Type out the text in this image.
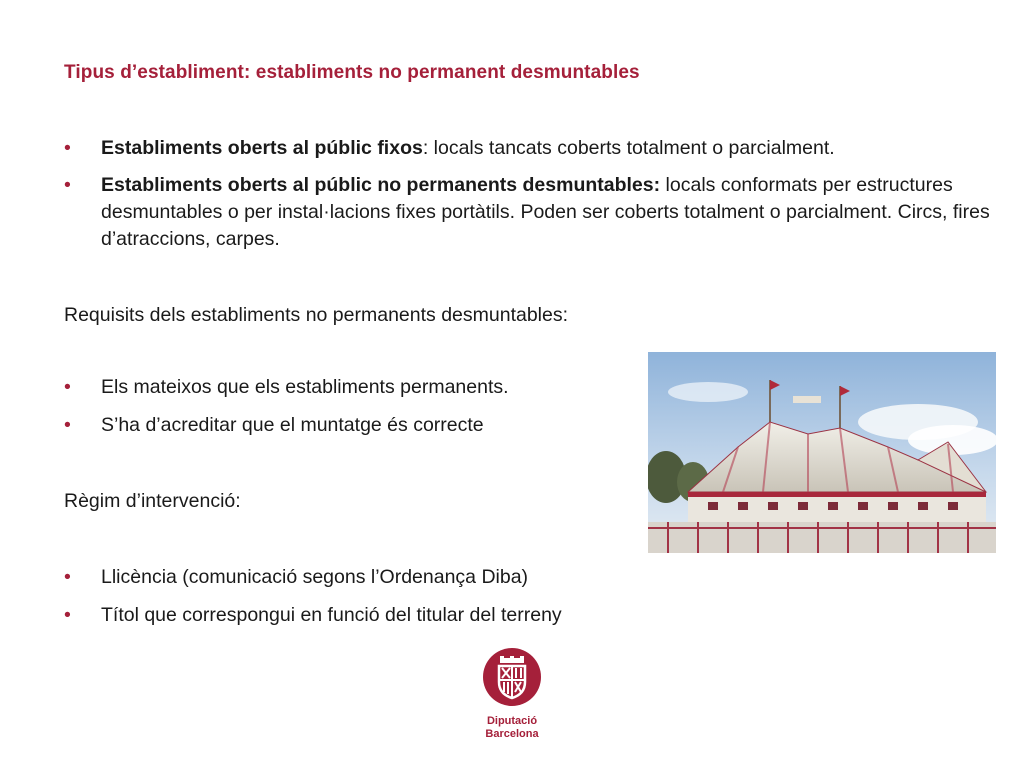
Tipus d’establiment: establiments no permanent desmuntables
• Establiments oberts al públic fixos: locals tancats coberts totalment o parcialment.
• Establiments oberts al públic no permanents desmuntables: locals conformats per estructures desmuntables o per instal·lacions fixes portàtils. Poden ser coberts totalment o parcialment. Circs, fires d’atraccions, carpes.

Requisits dels establiments no permanents desmuntables:

• Els mateixos que els establiments permanents.
• S’ha d’acreditar que el muntatge és correcte

Règim d’intervenció:

• Llicència (comunicació segons l’Ordenança Diba)
• Títol que correspongui en funció del titular del terreny
Diputació
Barcelona
